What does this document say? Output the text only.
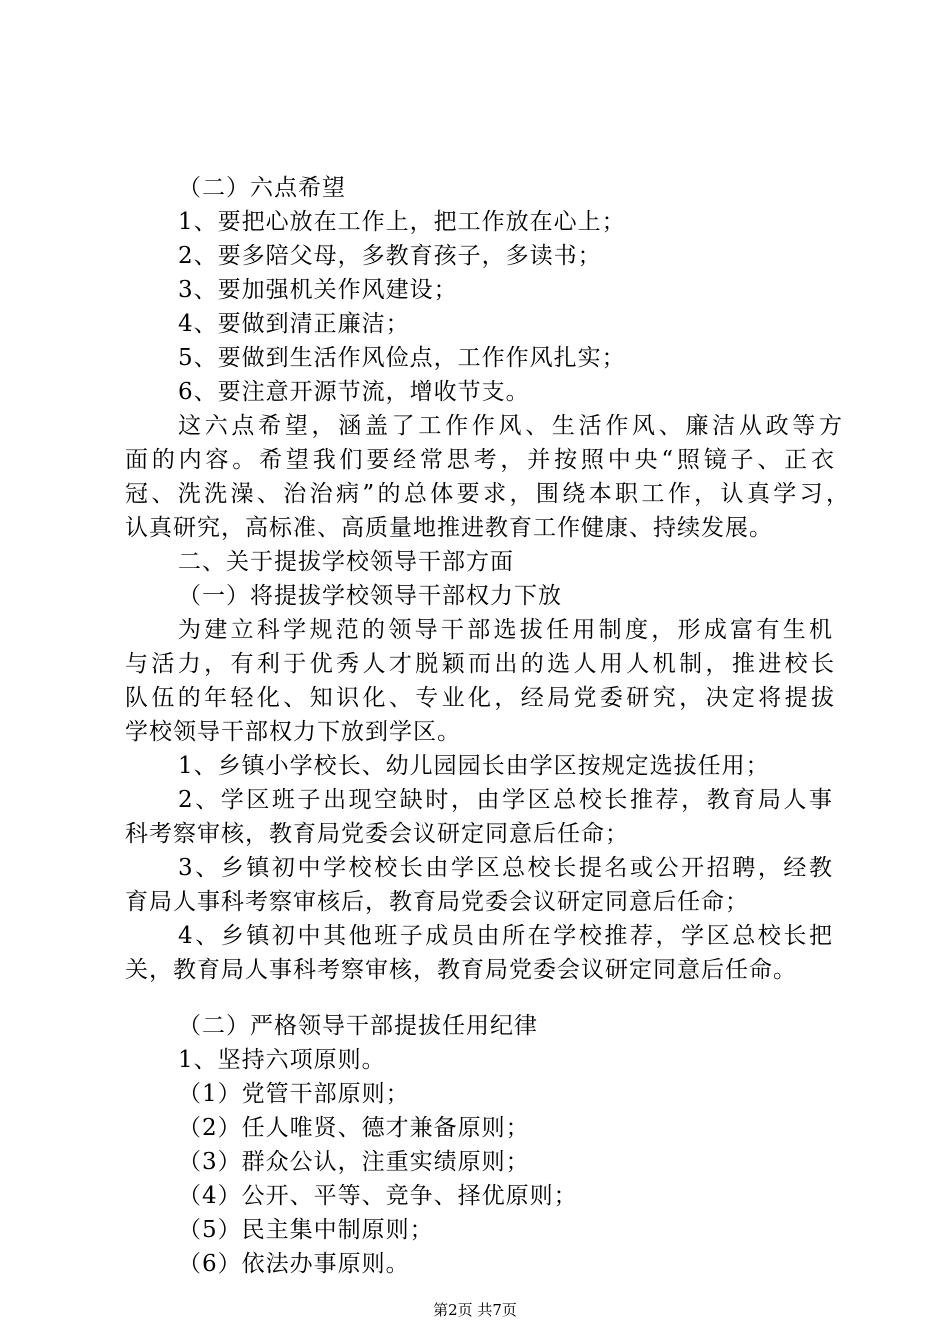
（二）六点希望
1、要把心放在工作上，把工作放在心上；
2、要多陪父母，多教育孩子，多读书；
3、要加强机关作风建设；
4、要做到清正廉洁；
5、要做到生活作风俭点，工作作风扎实；
6、要注意开源节流，增收节支。
这六点希望，涵盖了工作作风、生活作风、廉洁从政等方
面的内容。希望我们要经常思考，并按照中央“照镜子、正衣
冠、洗洗澡、治治病”的总体要求，围绕本职工作，认真学习，
认真研究，高标准、高质量地推进教育工作健康、持续发展。
二、关于提拔学校领导干部方面
（一）将提拔学校领导干部权力下放
为建立科学规范的领导干部选拔任用制度，形成富有生机
与活力，有利于优秀人才脱颖而出的选人用人机制，推进校长
队伍的年轻化、知识化、专业化，经局党委研究，决定将提拔
学校领导干部权力下放到学区。
1、乡镇小学校长、幼儿园园长由学区按规定选拔任用；
2、学区班子出现空缺时，由学区总校长推荐，教育局人事
科考察审核，教育局党委会议研定同意后任命；
3、乡镇初中学校校长由学区总校长提名或公开招聘，经教
育局人事科考察审核后，教育局党委会议研定同意后任命；
4、乡镇初中其他班子成员由所在学校推荐，学区总校长把
关，教育局人事科考察审核，教育局党委会议研定同意后任命。
（二）严格领导干部提拔任用纪律
1、坚持六项原则。
（1）党管干部原则；
（2）任人唯贤、德才兼备原则；
（3）群众公认，注重实绩原则；
（4）公开、平等、竞争、择优原则；
（5）民主集中制原则；
（6）依法办事原则。
第2页 共7页
